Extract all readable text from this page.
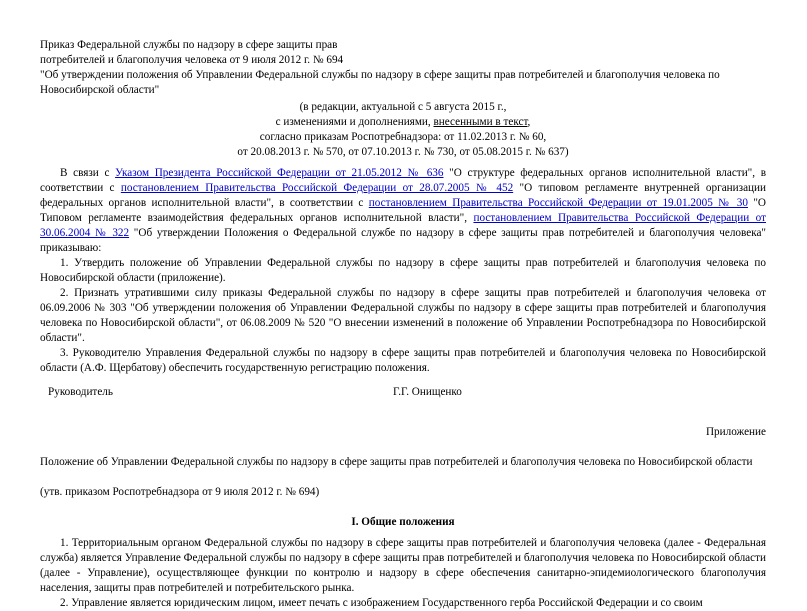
Приказ Федеральной службы по надзору в сфере защиты прав

потребителей и благополучия человека от 9 июля 2012 г. № 694

"Об утверждении положения об Управлении Федеральной службы по надзору в сфере защиты прав потребителей и благополучия человека по Новосибирской области"

(в редакции, актуальной с 5 августа 2015 г.,

с изменениями и дополнениями, внесенными в текст,

согласно приказам Роспотребнадзора: от 11.02.2013 г. № 60,

от 20.08.2013 г. № 570, от 07.10.2013 г. № 730, от 05.08.2015 г. № 637)

В связи с Указом Президента Российской Федерации от 21.05.2012 № 636 "О структуре федеральных органов исполнительной власти", в соответствии с постановлением Правительства Российской Федерации от 28.07.2005 № 452 "О типовом регламенте внутренней организации федеральных органов исполнительной власти", в соответствии с постановлением Правительства Российской Федерации от 19.01.2005 № 30 "О Типовом регламенте взаимодействия федеральных органов исполнительной власти", постановлением Правительства Российской Федерации от 30.06.2004 № 322 "Об утверждении Положения о Федеральной службе по надзору в сфере защиты прав потребителей и благополучия человека" приказываю:

1. Утвердить положение об Управлении Федеральной службы по надзору в сфере защиты прав потребителей и благополучия человека по Новосибирской области (приложение).

2. Признать утратившими силу приказы Федеральной службы по надзору в сфере защиты прав потребителей и благополучия человека от 06.09.2006 № 303 "Об утверждении положения об Управлении Федеральной службы по надзору в сфере защиты прав потребителей и благополучия человека по Новосибирской области", от 06.08.2009 № 520 "О внесении изменений в положение об Управлении Роспотребнадзора по Новосибирской области".

3. Руководителю Управления Федеральной службы по надзору в сфере защиты прав потребителей и благополучия человека по Новосибирской области (А.Ф. Щербатову) обеспечить государственную регистрацию положения.

Руководитель	Г.Г. Онищенко

Приложение

Положение об Управлении Федеральной службы по надзору в сфере защиты прав потребителей и благополучия человека по Новосибирской области

(утв. приказом Роспотребнадзора от 9 июля 2012 г. № 694)

I. Общие положения

1. Территориальным органом Федеральной службы по надзору в сфере защиты прав потребителей и благополучия человека (далее - Федеральная служба) является Управление Федеральной службы по надзору в сфере защиты прав потребителей и благополучия человека по Новосибирской области (далее - Управление), осуществляющее функции по контролю и надзору в сфере обеспечения санитарно-эпидемиологического благополучия населения, защиты прав потребителей и потребительского рынка.

2. Управление является юридическим лицом, имеет печать с изображением Государственного герба Российской Федерации и со своим
